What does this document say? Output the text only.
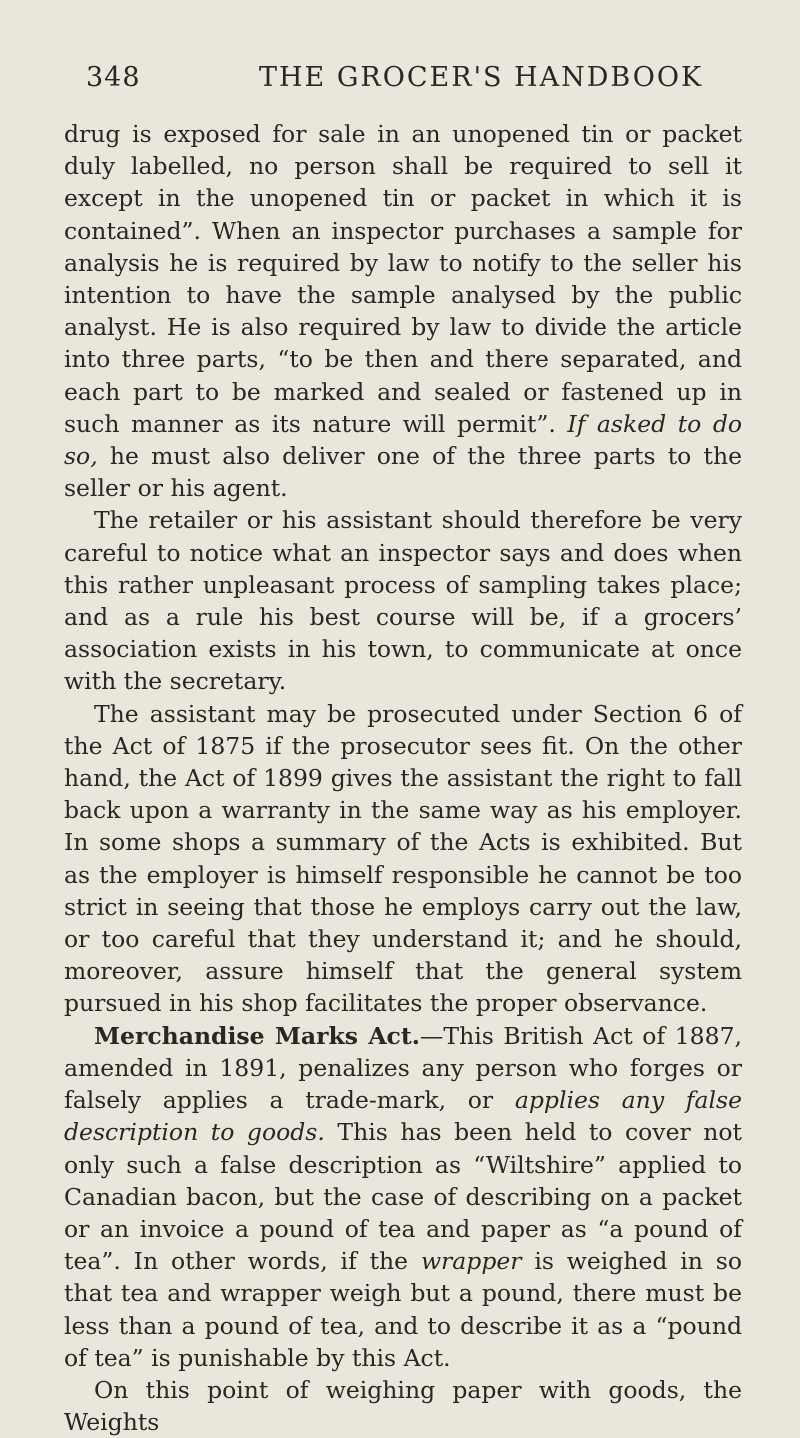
348	THE GROCER'S HANDBOOK

drug is exposed for sale in an unopened tin or packet duly labelled, no person shall be required to sell it except in the unopened tin or packet in which it is contained”. When an inspector purchases a sample for analysis he is required by law to notify to the seller his intention to have the sample analysed by the public analyst. He is also required by law to divide the article into three parts, “to be then and there separated, and each part to be marked and sealed or fastened up in such manner as its nature will permit”. If asked to do so, he must also deliver one of the three parts to the seller or his agent.

The retailer or his assistant should therefore be very careful to notice what an inspector says and does when this rather unpleasant process of sampling takes place; and as a rule his best course will be, if a grocers’ association exists in his town, to communicate at once with the secretary.

The assistant may be prosecuted under Section 6 of the Act of 1875 if the prosecutor sees fit. On the other hand, the Act of 1899 gives the assistant the right to fall back upon a warranty in the same way as his employer. In some shops a summary of the Acts is exhibited. But as the employer is himself responsible he cannot be too strict in seeing that those he employs carry out the law, or too careful that they understand it; and he should, moreover, assure himself that the general system pursued in his shop facilitates the proper observance.

Merchandise Marks Act.—This British Act of 1887, amended in 1891, penalizes any person who forges or falsely applies a trade-mark, or applies any false description to goods. This has been held to cover not only such a false description as “Wiltshire” applied to Canadian bacon, but the case of describing on a packet or an invoice a pound of tea and paper as “a pound of tea”. In other words, if the wrapper is weighed in so that tea and wrapper weigh but a pound, there must be less than a pound of tea, and to describe it as a “pound of tea” is punishable by this Act.

On this point of weighing paper with goods, the Weights
